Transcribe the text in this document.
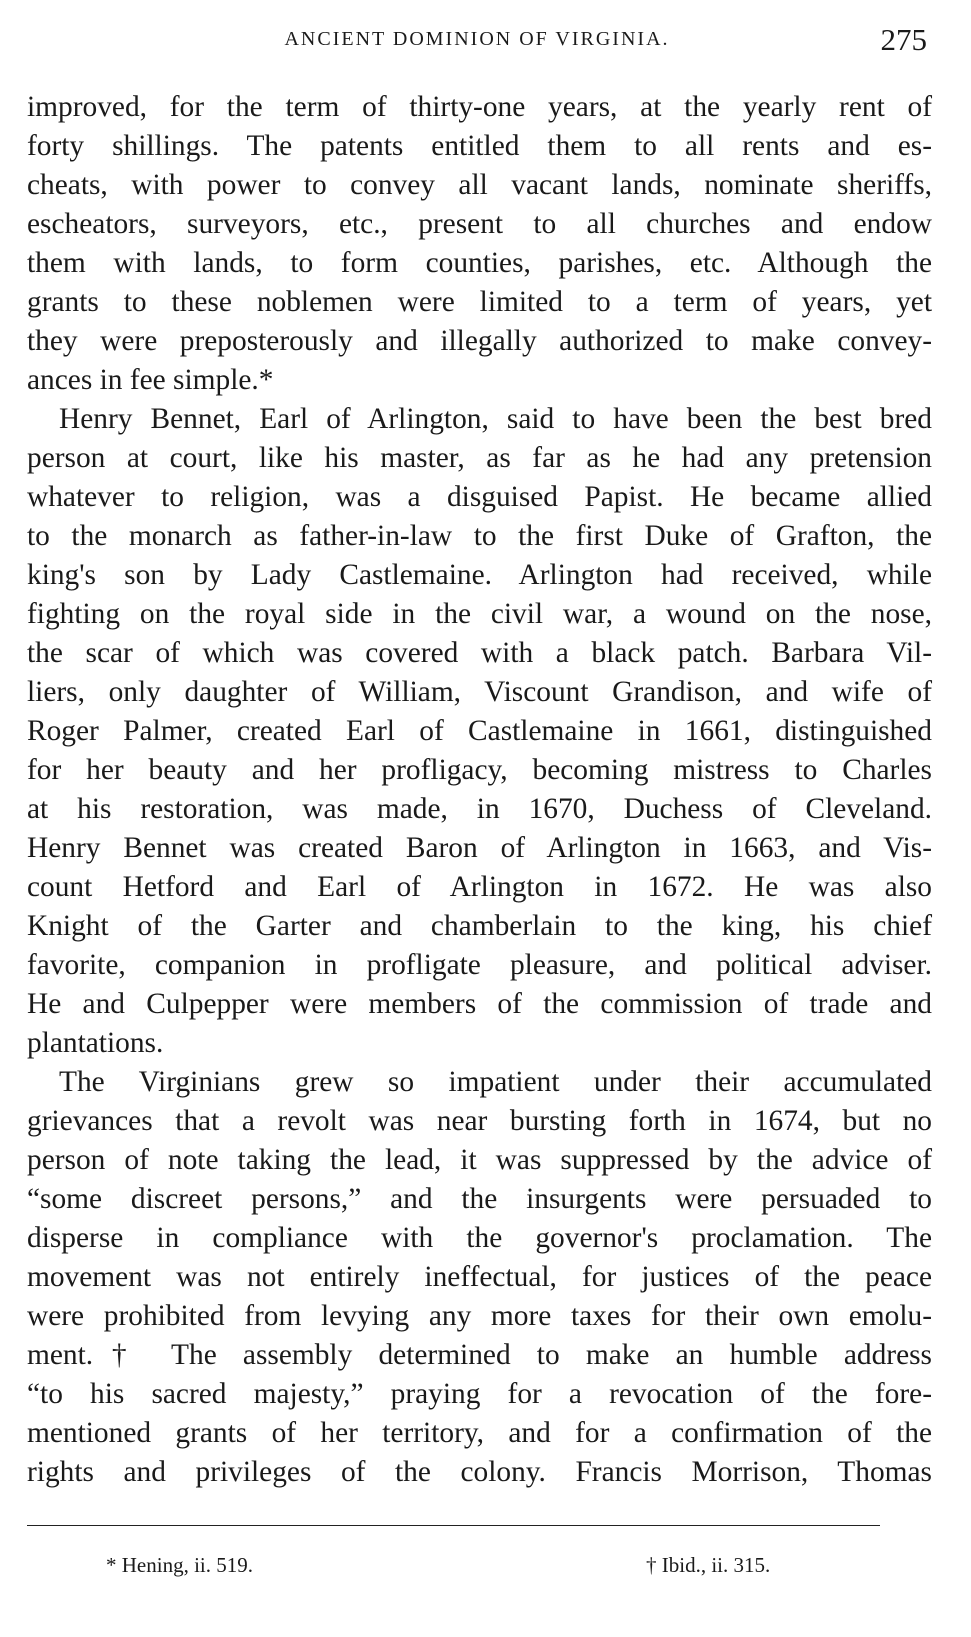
ANCIENT DOMINION OF VIRGINIA.	275

improved, for the term of thirty-one years, at the yearly rent of
forty shillings. The patents entitled them to all rents and es-
cheats, with power to convey all vacant lands, nominate sheriffs,
escheators, surveyors, etc., present to all churches and endow
them with lands, to form counties, parishes, etc. Although the
grants to these noblemen were limited to a term of years, yet
they were preposterously and illegally authorized to make convey-
ances in fee simple.*

Henry Bennet, Earl of Arlington, said to have been the best bred
person at court, like his master, as far as he had any pretension
whatever to religion, was a disguised Papist. He became allied
to the monarch as father-in-law to the first Duke of Grafton, the
king's son by Lady Castlemaine. Arlington had received, while
fighting on the royal side in the civil war, a wound on the nose,
the scar of which was covered with a black patch. Barbara Vil-
liers, only daughter of William, Viscount Grandison, and wife of
Roger Palmer, created Earl of Castlemaine in 1661, distinguished
for her beauty and her profligacy, becoming mistress to Charles
at his restoration, was made, in 1670, Duchess of Cleveland.
Henry Bennet was created Baron of Arlington in 1663, and Vis-
count Hetford and Earl of Arlington in 1672. He was also
Knight of the Garter and chamberlain to the king, his chief
favorite, companion in profligate pleasure, and political adviser.
He and Culpepper were members of the commission of trade and
plantations.

The Virginians grew so impatient under their accumulated
grievances that a revolt was near bursting forth in 1674, but no
person of note taking the lead, it was suppressed by the advice of
“some discreet persons,” and the insurgents were persuaded to
disperse in compliance with the governor's proclamation. The
movement was not entirely ineffectual, for justices of the peace
were prohibited from levying any more taxes for their own emolu-
ment.† The assembly determined to make an humble address
“to his sacred majesty,” praying for a revocation of the fore-
mentioned grants of her territory, and for a confirmation of the
rights and privileges of the colony. Francis Morrison, Thomas

* Hening, ii. 519.	† Ibid., ii. 315.
